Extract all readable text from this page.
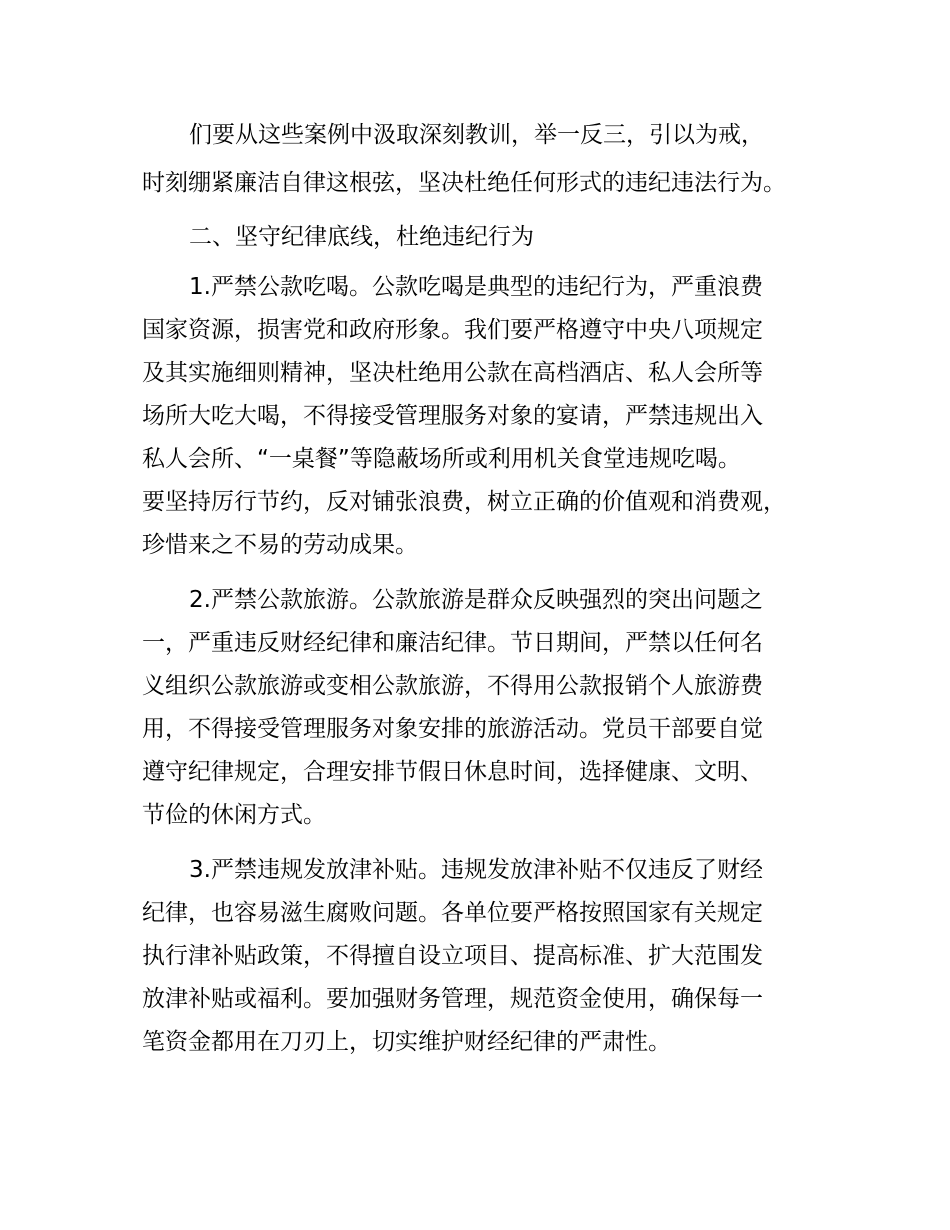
们要从这些案例中汲取深刻教训，举一反三，引以为戒，
时刻绷紧廉洁自律这根弦，坚决杜绝任何形式的违纪违法行为。
二、坚守纪律底线，杜绝违纪行为
1.严禁公款吃喝。公款吃喝是典型的违纪行为，严重浪费
国家资源，损害党和政府形象。我们要严格遵守中央八项规定
及其实施细则精神，坚决杜绝用公款在高档酒店、私人会所等
场所大吃大喝，不得接受管理服务对象的宴请，严禁违规出入
私人会所、“一桌餐”等隐蔽场所或利用机关食堂违规吃喝。
要坚持厉行节约，反对铺张浪费，树立正确的价值观和消费观，
珍惜来之不易的劳动成果。
2.严禁公款旅游。公款旅游是群众反映强烈的突出问题之
一，严重违反财经纪律和廉洁纪律。节日期间，严禁以任何名
义组织公款旅游或变相公款旅游，不得用公款报销个人旅游费
用，不得接受管理服务对象安排的旅游活动。党员干部要自觉
遵守纪律规定，合理安排节假日休息时间，选择健康、文明、
节俭的休闲方式。
3.严禁违规发放津补贴。违规发放津补贴不仅违反了财经
纪律，也容易滋生腐败问题。各单位要严格按照国家有关规定
执行津补贴政策，不得擅自设立项目、提高标准、扩大范围发
放津补贴或福利。要加强财务管理，规范资金使用，确保每一
笔资金都用在刀刃上，切实维护财经纪律的严肃性。
